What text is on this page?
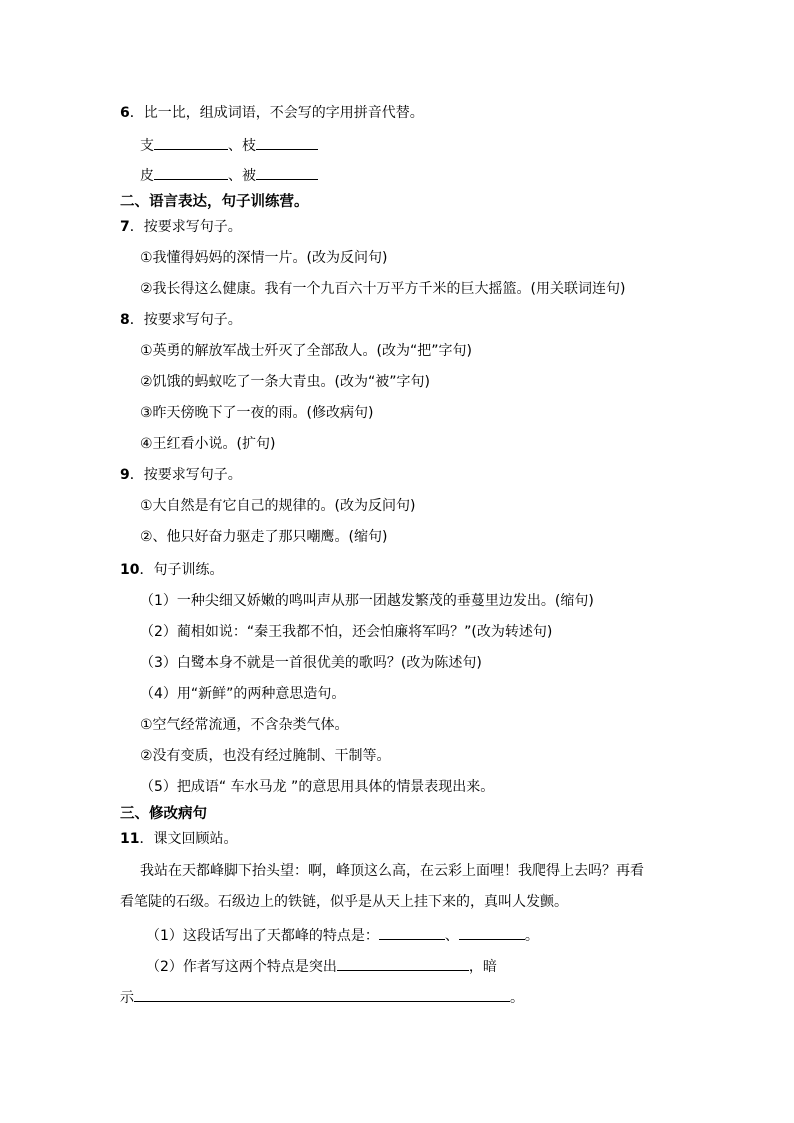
6．比一比，组成词语，不会写的字用拼音代替。
支	、枝
皮	、被
二、语言表达，句子训练营。
7．按要求写句子。
①我懂得妈妈的深情一片。(改为反问句)
②我长得这么健康。我有一个九百六十万平方千米的巨大摇篮。(用关联词连句)
8．按要求写句子。
①英勇的解放军战士歼灭了全部敌人。(改为“把”字句)
②饥饿的蚂蚁吃了一条大青虫。(改为“被”字句)
③昨天傍晚下了一夜的雨。(修改病句)
④王红看小说。(扩句)
9．按要求写句子。
①大自然是有它自己的规律的。(改为反问句)
②、他只好奋力驱走了那只嘲鹰。(缩句)
10．句子训练。
（1）一种尖细又娇嫩的鸣叫声从那一团越发繁茂的垂蔓里边发出。(缩句)
（2）蔺相如说：“秦王我都不怕，还会怕廉将军吗？”(改为转述句)
（3）白鹭本身不就是一首很优美的歌吗？(改为陈述句)
（4）用“新鲜”的两种意思造句。
①空气经常流通，不含杂类气体。
②没有变质，也没有经过腌制、干制等。
（5）把成语“ 车水马龙 ”的意思用具体的情景表现出来。
三、修改病句
11．课文回顾站。
我站在天都峰脚下抬头望：啊，峰顶这么高，在云彩上面哩！我爬得上去吗？再看
看笔陡的石级。石级边上的铁链，似乎是从天上挂下来的，真叫人发颤。
（1）这段话写出了天都峰的特点是：	、	。
（2）作者写这两个特点是突出	，暗
示	。
